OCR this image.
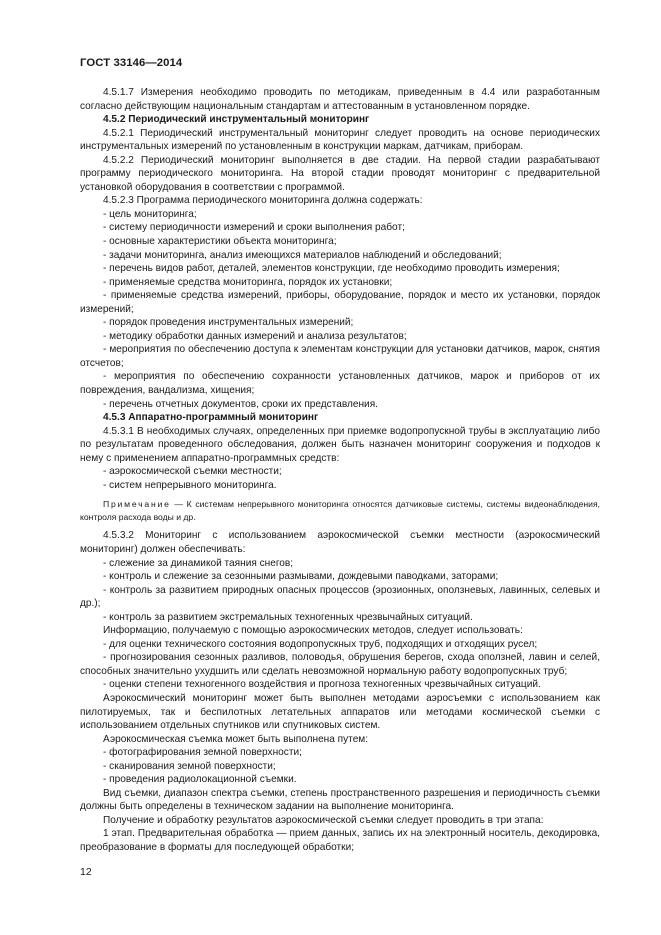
ГОСТ 33146—2014

4.5.1.7 Измерения необходимо проводить по методикам, приведенным в 4.4 или разработанным согласно действующим национальным стандартам и аттестованным в установленном порядке.

4.5.2 Периодический инструментальный мониторинг

4.5.2.1 Периодический инструментальный мониторинг следует проводить на основе периодических инструментальных измерений по установленным в конструкции маркам, датчикам, приборам.

4.5.2.2 Периодический мониторинг выполняется в две стадии. На первой стадии разрабатывают программу периодического мониторинга. На второй стадии проводят мониторинг с предварительной установкой оборудования в соответствии с программой.

4.5.2.3 Программа периодического мониторинга должна содержать:

- цель мониторинга;

- систему периодичности измерений и сроки выполнения работ;

- основные характеристики объекта мониторинга;

- задачи мониторинга, анализ имеющихся материалов наблюдений и обследований;

- перечень видов работ, деталей, элементов конструкции, где необходимо проводить измерения;

- применяемые средства мониторинга, порядок их установки;

- применяемые средства измерений, приборы, оборудование, порядок и место их установки, порядок измерений;

- порядок проведения инструментальных измерений;

- методику обработки данных измерений и анализа результатов;

- мероприятия по обеспечению доступа к элементам конструкции для установки датчиков, марок, снятия отсчетов;

- мероприятия по обеспечению сохранности установленных датчиков, марок и приборов от их повреждения, вандализма, хищения;

- перечень отчетных документов, сроки их представления.

4.5.3 Аппаратно-программный мониторинг

4.5.3.1 В необходимых случаях, определенных при приемке водопропускной трубы в эксплуатацию либо по результатам проведенного обследования, должен быть назначен мониторинг сооружения и подходов к нему с применением аппаратно-программных средств:

- аэрокосмической съемки местности;

- систем непрерывного мониторинга.

Примечание — К системам непрерывного мониторинга относятся датчиковые системы, системы видеонаблюдения, контроля расхода воды и др.

4.5.3.2 Мониторинг с использованием аэрокосмической съемки местности (аэрокосмический мониторинг) должен обеспечивать:

- слежение за динамикой таяния снегов;

- контроль и слежение за сезонными размывами, дождевыми паводками, заторами;

- контроль за развитием природных опасных процессов (эрозионных, оползневых, лавинных, селевых и др.);

- контроль за развитием экстремальных техногенных чрезвычайных ситуаций.

Информацию, получаемую с помощью аэрокосмических методов, следует использовать:

- для оценки технического состояния водопропускных труб, подходящих и отходящих русел;

- прогнозирования сезонных разливов, половодья, обрушения берегов, схода оползней, лавин и селей, способных значительно ухудшить или сделать невозможной нормальную работу водопропускных труб;

- оценки степени техногенного воздействия и прогноза техногенных чрезвычайных ситуаций.

Аэрокосмический мониторинг может быть выполнен методами аэросъемки с использованием как пилотируемых, так и беспилотных летательных аппаратов или методами космической съемки с использованием отдельных спутников или спутниковых систем.

Аэрокосмическая съемка может быть выполнена путем:

- фотографирования земной поверхности;

- сканирования земной поверхности;

- проведения радиолокационной съемки.

Вид съемки, диапазон спектра съемки, степень пространственного разрешения и периодичность съемки должны быть определены в техническом задании на выполнение мониторинга.

Получение и обработку результатов аэрокосмической съемки следует проводить в три этапа:

1 этап. Предварительная обработка — прием данных, запись их на электронный носитель, декодировка, преобразование в форматы для последующей обработки;

12
